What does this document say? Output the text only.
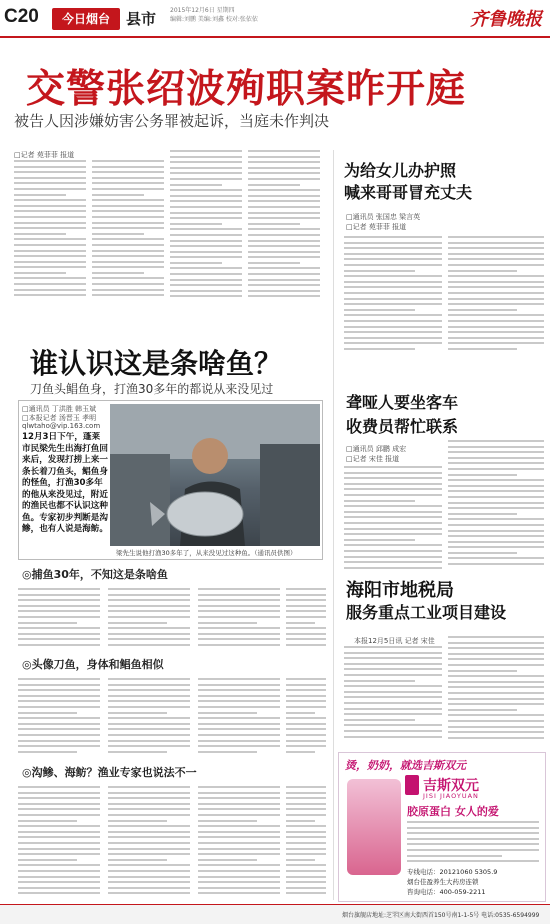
C20	今日烟台	县市 2015年12月6日 星期四
编辑:刘鹏 美编:刘鑫 校对:张依依	齐鲁晚报
交警张绍波殉职案昨开庭
被告人因涉嫌妨害公务罪被起诉，当庭未作判决
□记者 苑菲菲 报道
谁认识这是条啥鱼？
刀鱼头鲳鱼身，打渔30多年的都说从来没见过
□通讯员 丁洪胜 韩玉斌
□本报记者 汤晋玉 孝明
qlwtaho@vip.163.com
梁先生说他打渔30多年了，从来没见过这种鱼。（通讯员供图）
12月3日下午，蓬莱市民梁先生出海打鱼回来后，发现打捞上来一条长着刀鱼头，鲳鱼身的怪鱼，打渔30多年的他从来没见过，附近的渔民也都不认识这种鱼。专家初步判断是沟鲹，也有人说是海鲂。
◎捕鱼30年，不知这是条啥鱼
◎头像刀鱼，身体和鲳鱼相似
◎沟鲹、海鲂？渔业专家也说法不一
为给女儿办护照
喊来哥哥冒充丈夫
□通讯员 张国忠 梁言英
□记者 苑菲菲 报道
聋哑人要坐客车
收费员帮忙联系
□通讯员 邱鹏 成宏
□记者 宋佳 报道
海阳市地税局
服务重点工业项目建设
本报12月5日讯 记者 宋佳
烫，奶奶，就选吉斯双元
吉斯双元
JISI JIAOYUAN
胶原蛋白 女人的爱
专线电话：20121060 5305.9
烟台佳盈养生大药房连锁
咨询电话：400-059-2211
烟台旗舰店地址:芝罘区南大街西首150号南1-1-5号 电话:0535-6594999
